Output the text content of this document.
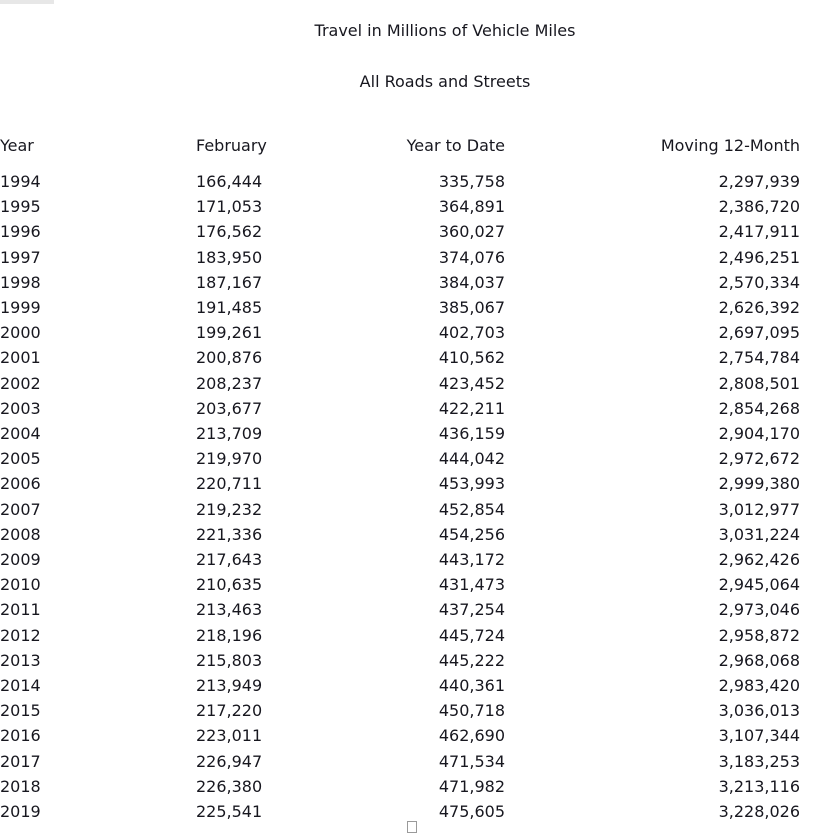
Travel in Millions of Vehicle Miles
All Roads and Streets
Year	February	Year to Date	Moving 12-Month
1994	166,444	335,758	2,297,939
1995	171,053	364,891	2,386,720
1996	176,562	360,027	2,417,911
1997	183,950	374,076	2,496,251
1998	187,167	384,037	2,570,334
1999	191,485	385,067	2,626,392
2000	199,261	402,703	2,697,095
2001	200,876	410,562	2,754,784
2002	208,237	423,452	2,808,501
2003	203,677	422,211	2,854,268
2004	213,709	436,159	2,904,170
2005	219,970	444,042	2,972,672
2006	220,711	453,993	2,999,380
2007	219,232	452,854	3,012,977
2008	221,336	454,256	3,031,224
2009	217,643	443,172	2,962,426
2010	210,635	431,473	2,945,064
2011	213,463	437,254	2,973,046
2012	218,196	445,724	2,958,872
2013	215,803	445,222	2,968,068
2014	213,949	440,361	2,983,420
2015	217,220	450,718	3,036,013
2016	223,011	462,690	3,107,344
2017	226,947	471,534	3,183,253
2018	226,380	471,982	3,213,116
2019	225,541	475,605	3,228,026
